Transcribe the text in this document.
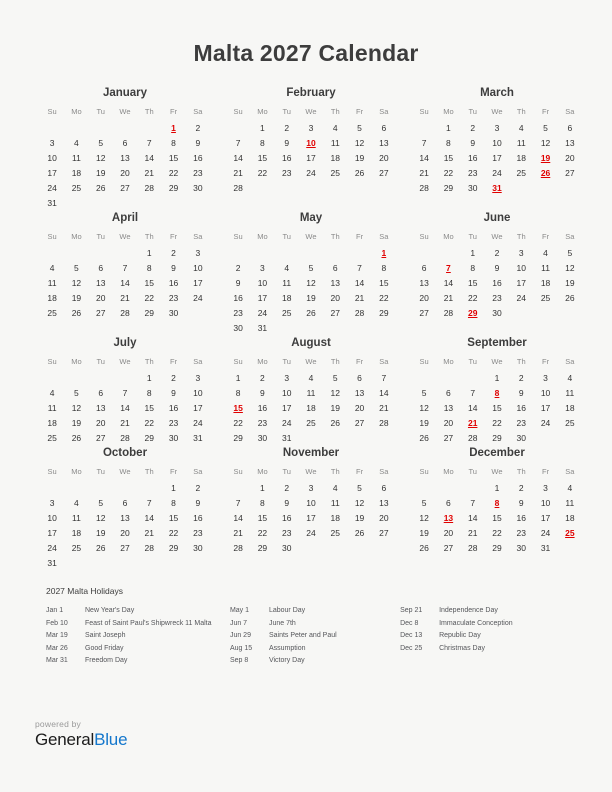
Malta 2027 Calendar
January
Su	Mo	Tu	We	Th	Fr	Sa
					1	2
3	4	5	6	7	8	9
10	11	12	13	14	15	16
17	18	19	20	21	22	23
24	25	26	27	28	29	30
31						
February
Su	Mo	Tu	We	Th	Fr	Sa
	1	2	3	4	5	6
7	8	9	10	11	12	13
14	15	16	17	18	19	20
21	22	23	24	25	26	27
28						
March
Su	Mo	Tu	We	Th	Fr	Sa
	1	2	3	4	5	6
7	8	9	10	11	12	13
14	15	16	17	18	19	20
21	22	23	24	25	26	27
28	29	30	31			
April
Su	Mo	Tu	We	Th	Fr	Sa
				1	2	3
4	5	6	7	8	9	10
11	12	13	14	15	16	17
18	19	20	21	22	23	24
25	26	27	28	29	30	
May
Su	Mo	Tu	We	Th	Fr	Sa
						1
2	3	4	5	6	7	8
9	10	11	12	13	14	15
16	17	18	19	20	21	22
23	24	25	26	27	28	29
30	31					
June
Su	Mo	Tu	We	Th	Fr	Sa
		1	2	3	4	5
6	7	8	9	10	11	12
13	14	15	16	17	18	19
20	21	22	23	24	25	26
27	28	29	30			
July
Su	Mo	Tu	We	Th	Fr	Sa
				1	2	3
4	5	6	7	8	9	10
11	12	13	14	15	16	17
18	19	20	21	22	23	24
25	26	27	28	29	30	31
August
Su	Mo	Tu	We	Th	Fr	Sa
1	2	3	4	5	6	7
8	9	10	11	12	13	14
15	16	17	18	19	20	21
22	23	24	25	26	27	28
29	30	31				
September
Su	Mo	Tu	We	Th	Fr	Sa
			1	2	3	4
5	6	7	8	9	10	11
12	13	14	15	16	17	18
19	20	21	22	23	24	25
26	27	28	29	30		
October
Su	Mo	Tu	We	Th	Fr	Sa
					1	2
3	4	5	6	7	8	9
10	11	12	13	14	15	16
17	18	19	20	21	22	23
24	25	26	27	28	29	30
31						
November
Su	Mo	Tu	We	Th	Fr	Sa
	1	2	3	4	5	6
7	8	9	10	11	12	13
14	15	16	17	18	19	20
21	22	23	24	25	26	27
28	29	30				
December
Su	Mo	Tu	We	Th	Fr	Sa
			1	2	3	4
5	6	7	8	9	10	11
12	13	14	15	16	17	18
19	20	21	22	23	24	25
26	27	28	29	30	31	
2027 Malta Holidays
Jan 1	New Year's Day
Feb 10	Feast of Saint Paul's Shipwreck 11 Malta
Mar 19	Saint Joseph
Mar 26	Good Friday
Mar 31	Freedom Day
May 1	Labour Day
Jun 7	June 7th
Jun 29	Saints Peter and Paul
Aug 15	Assumption
Sep 8	Victory Day
Sep 21	Independence Day
Dec 8	Immaculate Conception
Dec 13	Republic Day
Dec 25	Christmas Day
powered by
GeneralBlue
